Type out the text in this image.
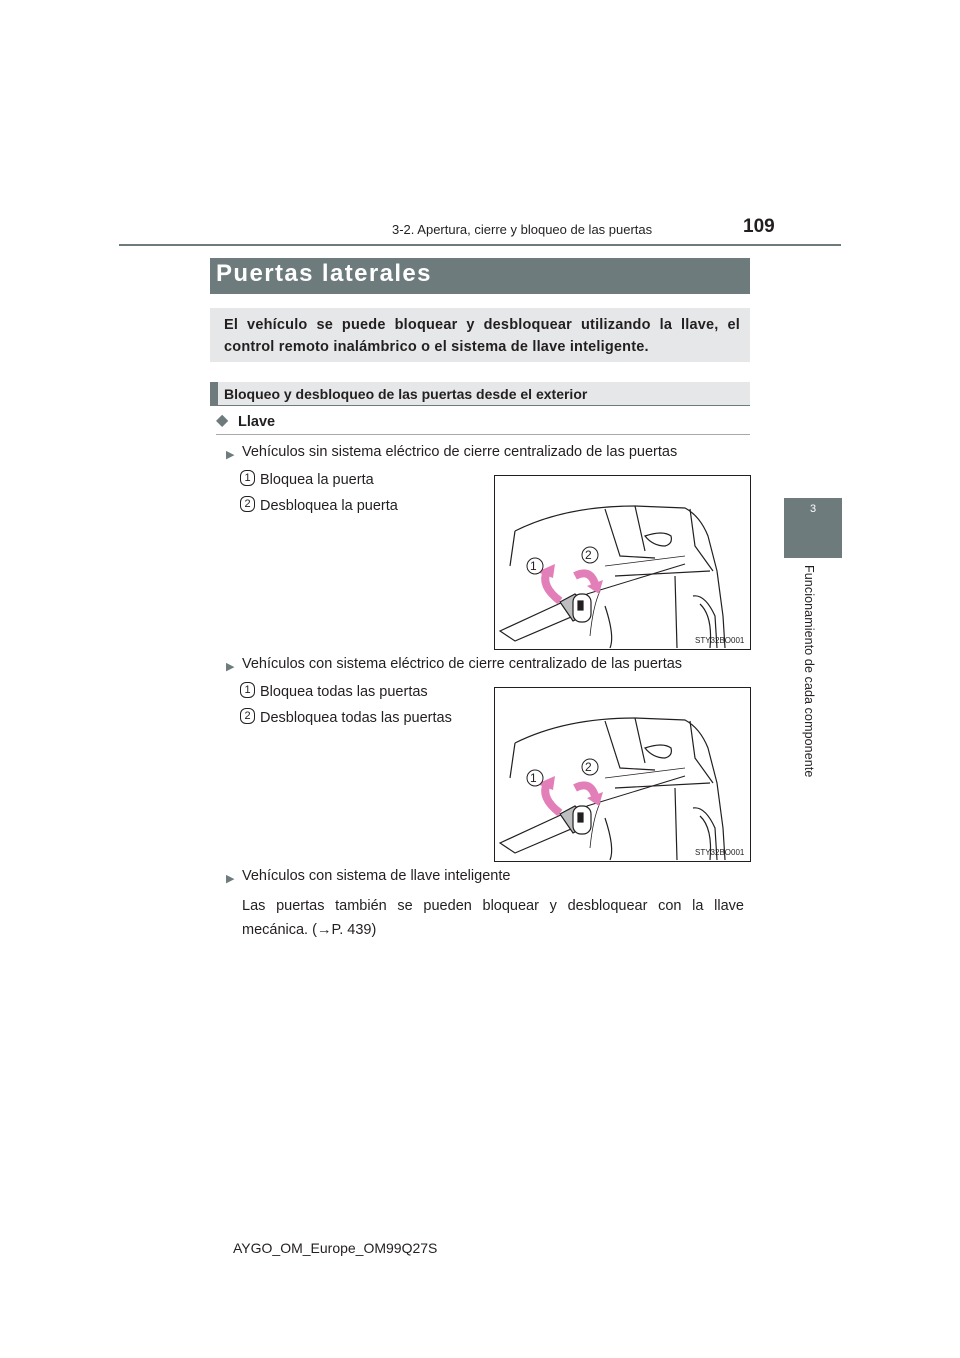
3-2. Apertura, cierre y bloqueo de las puertas	109
3
Funcionamiento de cada componente
Puertas laterales
El vehículo se puede bloquear y desbloquear utilizando la llave, el control remoto inalámbrico o el sistema de llave inteligente.
Bloqueo y desbloqueo de las puertas desde el exterior
◆ Llave
▶ Vehículos sin sistema eléctrico de cierre centralizado de las puertas
1 Bloquea la puerta
2 Desbloquea la puerta
1
2
STY32BO001
▶ Vehículos con sistema eléctrico de cierre centralizado de las puertas
1 Bloquea todas las puertas
2 Desbloquea todas las puertas
1
2
STY32BO001
▶ Vehículos con sistema de llave inteligente
Las puertas también se pueden bloquear y desbloquear con la llave mecánica. (→P. 439)
AYGO_OM_Europe_OM99Q27S
